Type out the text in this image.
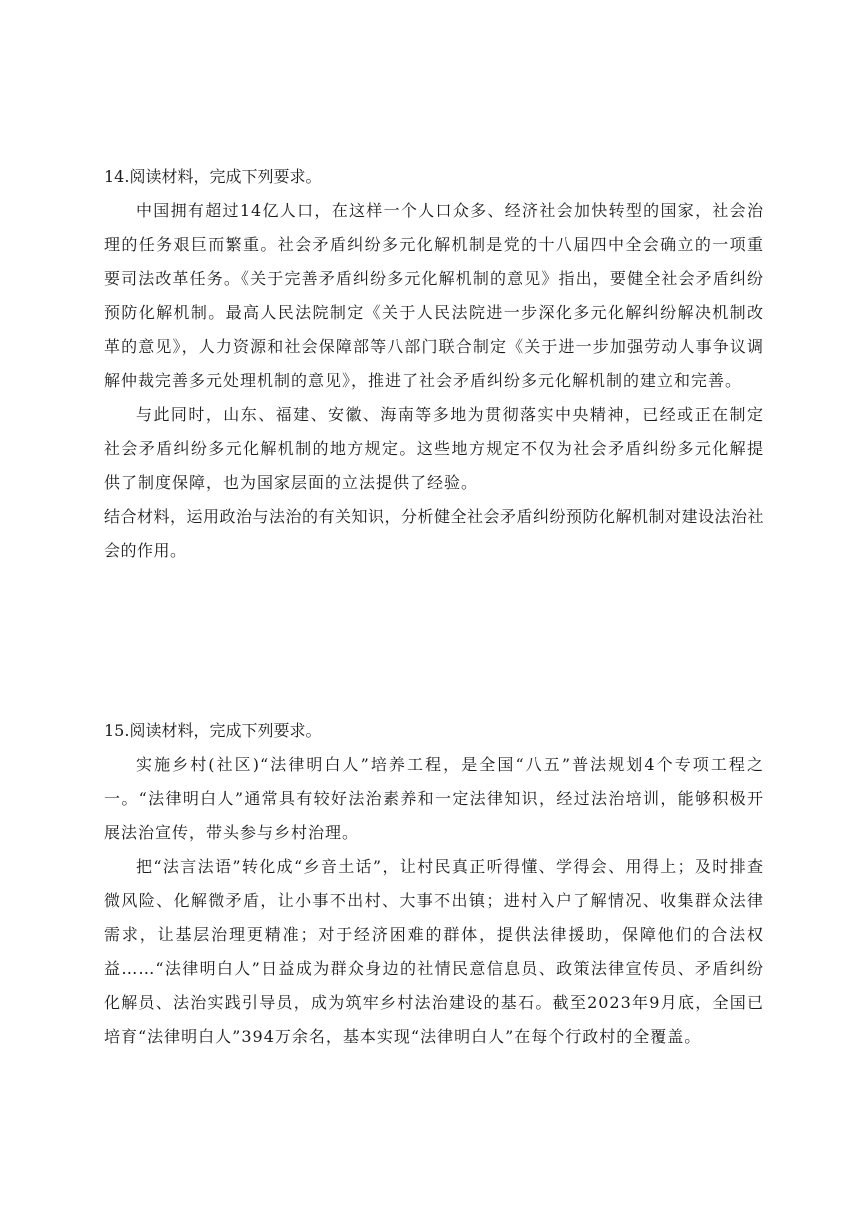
14.阅读材料，完成下列要求。

中国拥有超过14亿人口，在这样一个人口众多、经济社会加快转型的国家，社会治理的任务艰巨而繁重。社会矛盾纠纷多元化解机制是党的十八届四中全会确立的一项重要司法改革任务。《关于完善矛盾纠纷多元化解机制的意见》指出，要健全社会矛盾纠纷预防化解机制。最高人民法院制定《关于人民法院进一步深化多元化解纠纷解决机制改革的意见》，人力资源和社会保障部等八部门联合制定《关于进一步加强劳动人事争议调解仲裁完善多元处理机制的意见》，推进了社会矛盾纠纷多元化解机制的建立和完善。

与此同时，山东、福建、安徽、海南等多地为贯彻落实中央精神，已经或正在制定社会矛盾纠纷多元化解机制的地方规定。这些地方规定不仅为社会矛盾纠纷多元化解提供了制度保障，也为国家层面的立法提供了经验。

结合材料，运用政治与法治的有关知识，分析健全社会矛盾纠纷预防化解机制对建设法治社会的作用。

15.阅读材料，完成下列要求。

实施乡村(社区)“法律明白人”培养工程，是全国“八五”普法规划4个专项工程之一。“法律明白人”通常具有较好法治素养和一定法律知识，经过法治培训，能够积极开展法治宣传，带头参与乡村治理。

把“法言法语”转化成“乡音土话”，让村民真正听得懂、学得会、用得上；及时排查微风险、化解微矛盾，让小事不出村、大事不出镇；进村入户了解情况、收集群众法律需求，让基层治理更精准；对于经济困难的群体，提供法律援助，保障他们的合法权益……“法律明白人”日益成为群众身边的社情民意信息员、政策法律宣传员、矛盾纠纷化解员、法治实践引导员，成为筑牢乡村法治建设的基石。截至2023年9月底，全国已培育“法律明白人”394万余名，基本实现“法律明白人”在每个行政村的全覆盖。
